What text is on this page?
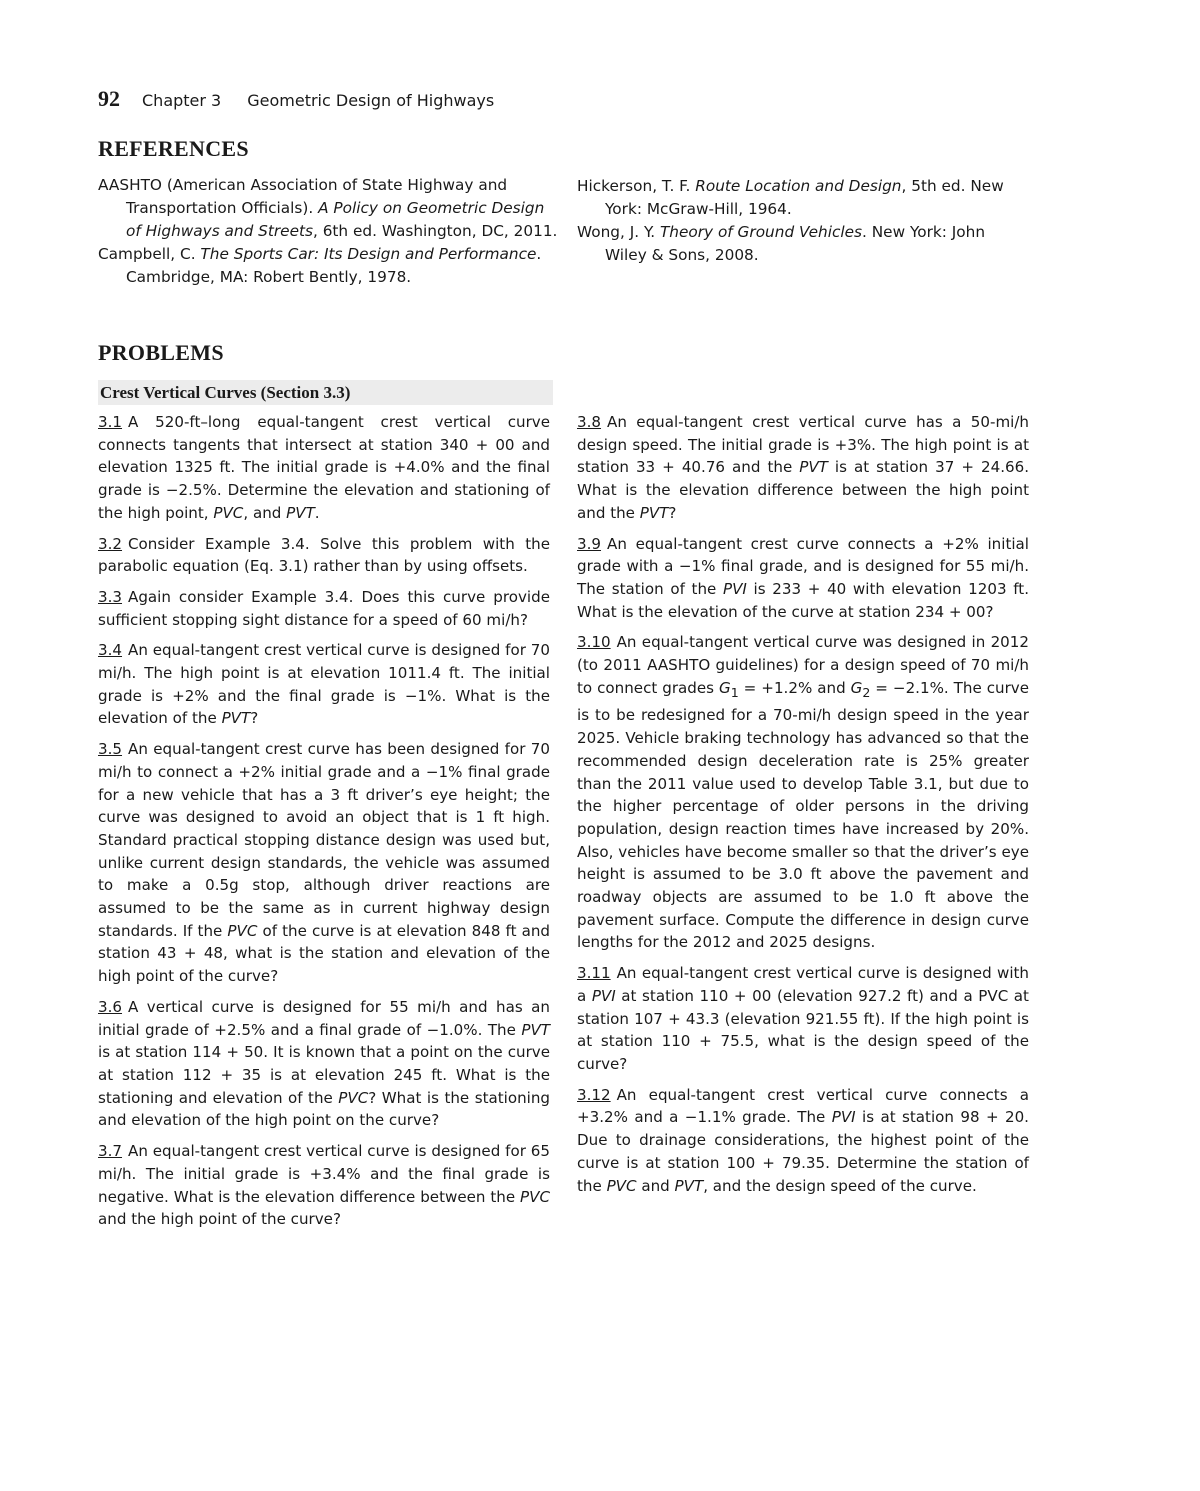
92 Chapter 3 Geometric Design of Highways
REFERENCES

AASHTO (American Association of State Highway and Transportation Officials). A Policy on Geometric Design of Highways and Streets, 6th ed. Washington, DC, 2011.

Campbell, C. The Sports Car: Its Design and Performance. Cambridge, MA: Robert Bently, 1978.

Hickerson, T. F. Route Location and Design, 5th ed. New York: McGraw-Hill, 1964.

Wong, J. Y. Theory of Ground Vehicles. New York: John Wiley & Sons, 2008.

PROBLEMS
Crest Vertical Curves (Section 3.3)

3.1 A 520-ft–long equal-tangent crest vertical curve connects tangents that intersect at station 340 + 00 and elevation 1325 ft. The initial grade is +4.0% and the final grade is −2.5%. Determine the elevation and stationing of the high point, PVC, and PVT.

3.2 Consider Example 3.4. Solve this problem with the parabolic equation (Eq. 3.1) rather than by using offsets.

3.3 Again consider Example 3.4. Does this curve provide sufficient stopping sight distance for a speed of 60 mi/h?

3.4 An equal-tangent crest vertical curve is designed for 70 mi/h. The high point is at elevation 1011.4 ft. The initial grade is +2% and the final grade is −1%. What is the elevation of the PVT?

3.5 An equal-tangent crest curve has been designed for 70 mi/h to connect a +2% initial grade and a −1% final grade for a new vehicle that has a 3 ft driver’s eye height; the curve was designed to avoid an object that is 1 ft high. Standard practical stopping distance design was used but, unlike current design standards, the vehicle was assumed to make a 0.5g stop, although driver reactions are assumed to be the same as in current highway design standards. If the PVC of the curve is at elevation 848 ft and station 43 + 48, what is the station and elevation of the high point of the curve?

3.6 A vertical curve is designed for 55 mi/h and has an initial grade of +2.5% and a final grade of −1.0%. The PVT is at station 114 + 50. It is known that a point on the curve at station 112 + 35 is at elevation 245 ft. What is the stationing and elevation of the PVC? What is the stationing and elevation of the high point on the curve?

3.7 An equal-tangent crest vertical curve is designed for 65 mi/h. The initial grade is +3.4% and the final grade is negative. What is the elevation difference between the PVC and the high point of the curve?

3.8 An equal-tangent crest vertical curve has a 50-mi/h design speed. The initial grade is +3%. The high point is at station 33 + 40.76 and the PVT is at station 37 + 24.66. What is the elevation difference between the high point and the PVT?

3.9 An equal-tangent crest curve connects a +2% initial grade with a −1% final grade, and is designed for 55 mi/h. The station of the PVI is 233 + 40 with elevation 1203 ft. What is the elevation of the curve at station 234 + 00?

3.10 An equal-tangent vertical curve was designed in 2012 (to 2011 AASHTO guidelines) for a design speed of 70 mi/h to connect grades $G_1 = +1.2\%$ and $G_2 = -2.1\%$. The curve is to be redesigned for a 70-mi/h design speed in the year 2025. Vehicle braking technology has advanced so that the recommended design deceleration rate is 25% greater than the 2011 value used to develop Table 3.1, but due to the higher percentage of older persons in the driving population, design reaction times have increased by 20%. Also, vehicles have become smaller so that the driver’s eye height is assumed to be 3.0 ft above the pavement and roadway objects are assumed to be 1.0 ft above the pavement surface. Compute the difference in design curve lengths for the 2012 and 2025 designs.

3.11 An equal-tangent crest vertical curve is designed with a PVI at station 110 + 00 (elevation 927.2 ft) and a PVC at station 107 + 43.3 (elevation 921.55 ft). If the high point is at station 110 + 75.5, what is the design speed of the curve?

3.12 An equal-tangent crest vertical curve connects a +3.2% and a −1.1% grade. The PVI is at station 98 + 20. Due to drainage considerations, the highest point of the curve is at station 100 + 79.35. Determine the station of the PVC and PVT, and the design speed of the curve.
